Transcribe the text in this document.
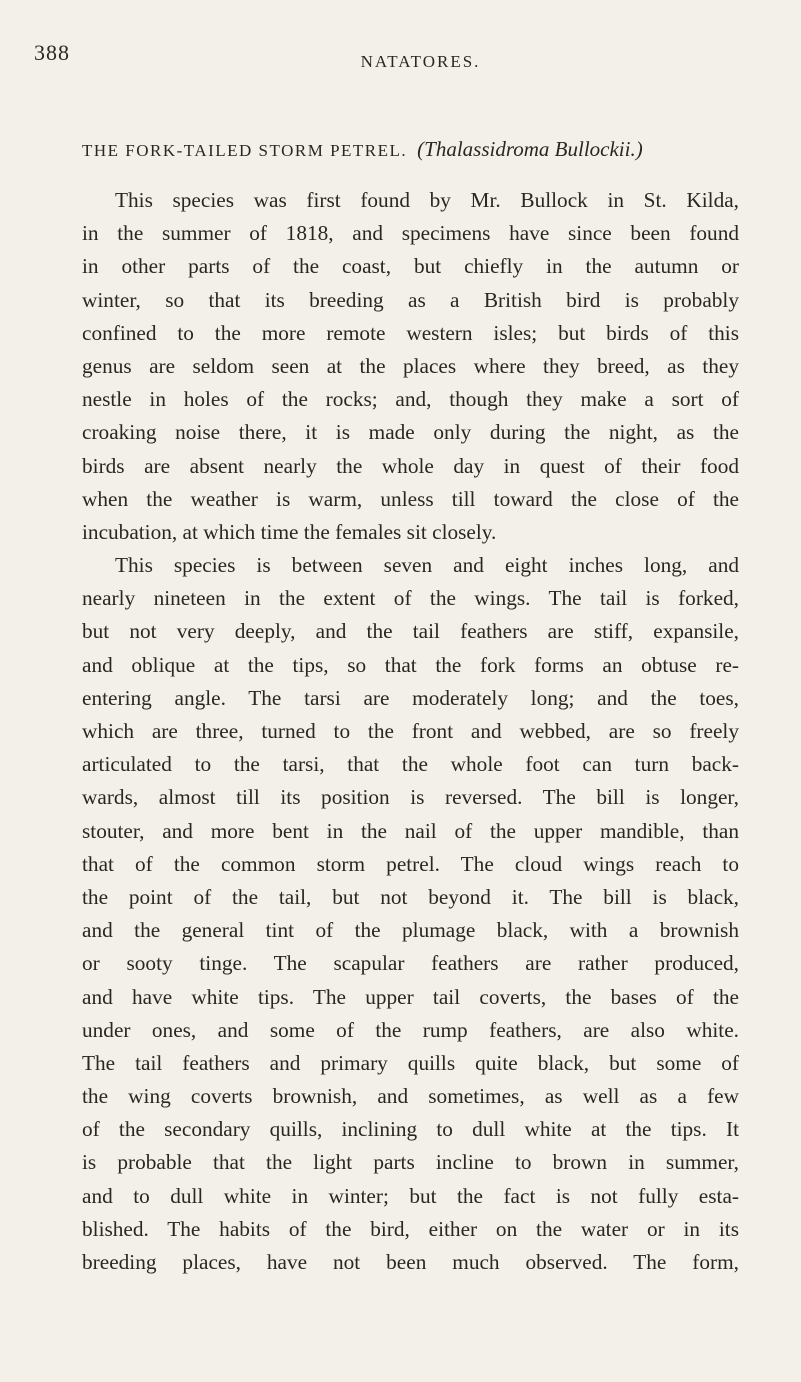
388	NATATORES.
THE FORK-TAILED STORM PETREL. (Thalassidroma Bullockii.)
This species was first found by Mr. Bullock in St. Kilda,
in the summer of 1818, and specimens have since been found
in other parts of the coast, but chiefly in the autumn or
winter, so that its breeding as a British bird is probably
confined to the more remote western isles; but birds of this
genus are seldom seen at the places where they breed, as they
nestle in holes of the rocks; and, though they make a sort of
croaking noise there, it is made only during the night, as the
birds are absent nearly the whole day in quest of their food
when the weather is warm, unless till toward the close of the
incubation, at which time the females sit closely.
This species is between seven and eight inches long, and
nearly nineteen in the extent of the wings. The tail is forked,
but not very deeply, and the tail feathers are stiff, expansile,
and oblique at the tips, so that the fork forms an obtuse re-
entering angle. The tarsi are moderately long; and the toes,
which are three, turned to the front and webbed, are so freely
articulated to the tarsi, that the whole foot can turn back-
wards, almost till its position is reversed. The bill is longer,
stouter, and more bent in the nail of the upper mandible, than
that of the common storm petrel. The cloud wings reach to
the point of the tail, but not beyond it. The bill is black,
and the general tint of the plumage black, with a brownish
or sooty tinge. The scapular feathers are rather produced,
and have white tips. The upper tail coverts, the bases of the
under ones, and some of the rump feathers, are also white.
The tail feathers and primary quills quite black, but some of
the wing coverts brownish, and sometimes, as well as a few
of the secondary quills, inclining to dull white at the tips. It
is probable that the light parts incline to brown in summer,
and to dull white in winter; but the fact is not fully esta-
blished. The habits of the bird, either on the water or in its
breeding places, have not been much observed. The form,
